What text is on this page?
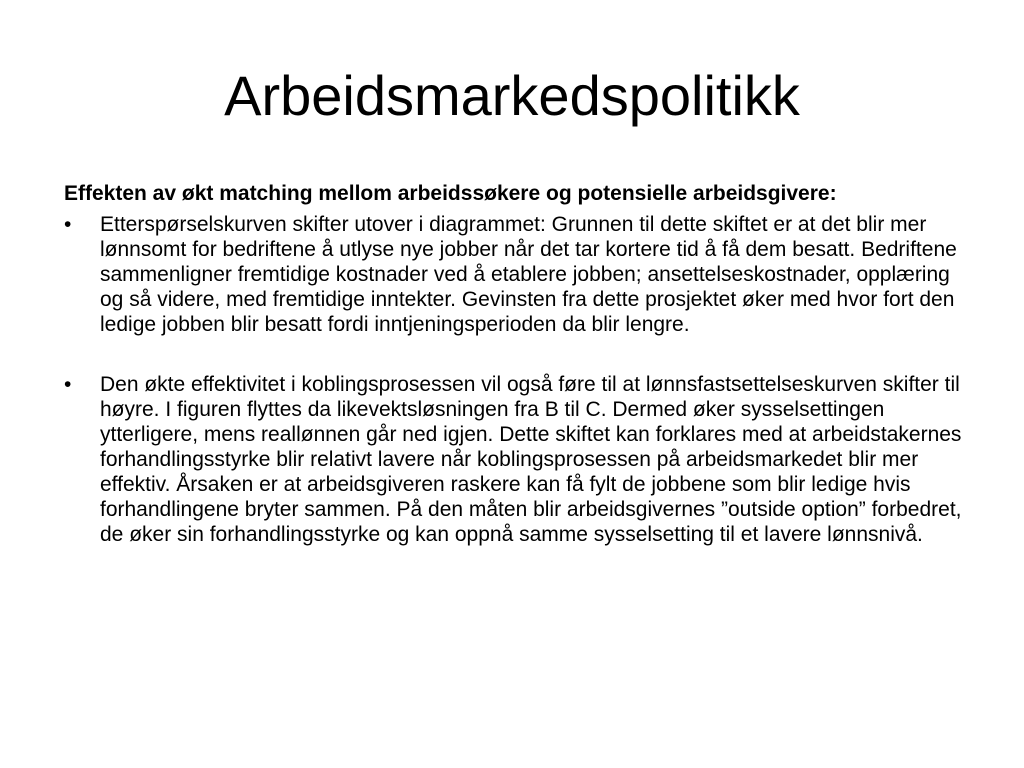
Arbeidsmarkedspolitikk

Effekten av økt matching mellom arbeidssøkere og potensielle arbeidsgivere:

• Etterspørselskurven skifter utover i diagrammet: Grunnen til dette skiftet er at det blir mer lønnsomt for bedriftene å utlyse nye jobber når det tar kortere tid å få dem besatt. Bedriftene sammenligner fremtidige kostnader ved å etablere jobben; ansettelseskostnader, opplæring og så videre, med fremtidige inntekter. Gevinsten fra dette prosjektet øker med hvor fort den ledige jobben blir besatt fordi inntjeningsperioden da blir lengre.
• Den økte effektivitet i koblingsprosessen vil også føre til at lønnsfastsettelseskurven skifter til høyre. I figuren flyttes da likevektsløsningen fra B til C. Dermed øker sysselsettingen ytterligere, mens reallønnen går ned igjen. Dette skiftet kan forklares med at arbeidstakernes forhandlingsstyrke blir relativt lavere når koblingsprosessen på arbeidsmarkedet blir mer effektiv. Årsaken er at arbeidsgiveren raskere kan få fylt de jobbene som blir ledige hvis forhandlingene bryter sammen. På den måten blir arbeidsgivernes ”outside option” forbedret, de øker sin forhandlingsstyrke og kan oppnå samme sysselsetting til et lavere lønnsnivå.
